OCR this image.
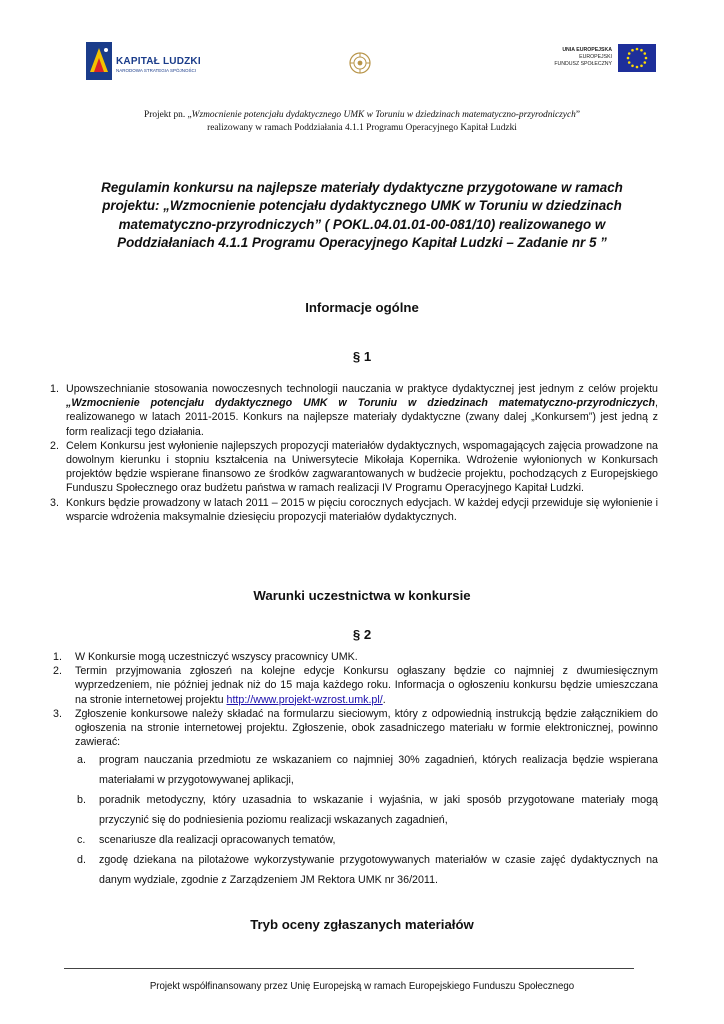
KAPITAŁ LUDZKI
NARODOWA STRATEGIA SPÓJNOŚCI
UNIA EUROPEJSKA
EUROPEJSKI
FUNDUSZ SPOŁECZNY
Projekt pn. „Wzmocnienie potencjału dydaktycznego UMK w Toruniu w dziedzinach matematyczno-przyrodniczych”
realizowany w ramach Poddziałania 4.1.1 Programu Operacyjnego Kapitał Ludzki
Regulamin konkursu na najlepsze materiały dydaktyczne przygotowane w ramach
projektu: „Wzmocnienie potencjału dydaktycznego UMK w Toruniu w dziedzinach
matematyczno-przyrodniczych” ( POKL.04.01.01-00-081/10) realizowanego w
Poddziałaniach 4.1.1 Programu Operacyjnego Kapitał Ludzki – Zadanie nr 5 ”
Informacje ogólne
§ 1
1. Upowszechnianie stosowania nowoczesnych technologii nauczania w praktyce dydaktycznej jest jednym z celów projektu „Wzmocnienie potencjału dydaktycznego UMK w Toruniu w dziedzinach matematyczno-przyrodniczych, realizowanego w latach 2011-2015. Konkurs na najlepsze materiały dydaktyczne (zwany dalej „Konkursem”) jest jedną z form realizacji tego działania.
2. Celem Konkursu jest wyłonienie najlepszych propozycji materiałów dydaktycznych, wspomagających zajęcia prowadzone na dowolnym kierunku i stopniu kształcenia na Uniwersytecie Mikołaja Kopernika. Wdrożenie wyłonionych w Konkursach projektów będzie wspierane finansowo ze środków zagwarantowanych w budżecie projektu, pochodzących z Europejskiego Funduszu Społecznego oraz budżetu państwa w ramach realizacji IV Programu Operacyjnego Kapitał Ludzki.
3. Konkurs będzie prowadzony w latach 2011 – 2015 w pięciu corocznych edycjach. W każdej edycji przewiduje się wyłonienie i wsparcie wdrożenia maksymalnie dziesięciu propozycji materiałów dydaktycznych.
Warunki uczestnictwa w konkursie
§ 2
1. W Konkursie mogą uczestniczyć wszyscy pracownicy UMK.
2. Termin przyjmowania zgłoszeń na kolejne edycje Konkursu ogłaszany będzie co najmniej z dwumiesięcznym wyprzedzeniem, nie później jednak niż do 15 maja każdego roku. Informacja o ogłoszeniu konkursu będzie umieszczana na stronie internetowej projektu http://www.projekt-wzrost.umk.pl/.
3. Zgłoszenie konkursowe należy składać na formularzu sieciowym, który z odpowiednią instrukcją będzie załącznikiem do ogłoszenia na stronie internetowej projektu. Zgłoszenie, obok zasadniczego materiału w formie elektronicznej, powinno zawierać:
a. program nauczania przedmiotu ze wskazaniem co najmniej 30% zagadnień, których realizacja będzie wspierana materiałami w przygotowywanej aplikacji,
b. poradnik metodyczny, który uzasadnia to wskazanie i wyjaśnia, w jaki sposób przygotowane materiały mogą przyczynić się do podniesienia poziomu realizacji wskazanych zagadnień,
c. scenariusze dla realizacji opracowanych tematów,
d. zgodę dziekana na pilotażowe wykorzystywanie przygotowywanych materiałów w czasie zajęć dydaktycznych na danym wydziale, zgodnie z Zarządzeniem JM Rektora UMK nr 36/2011.
Tryb oceny zgłaszanych materiałów
Projekt współfinansowany przez Unię Europejską w ramach Europejskiego Funduszu Społecznego
